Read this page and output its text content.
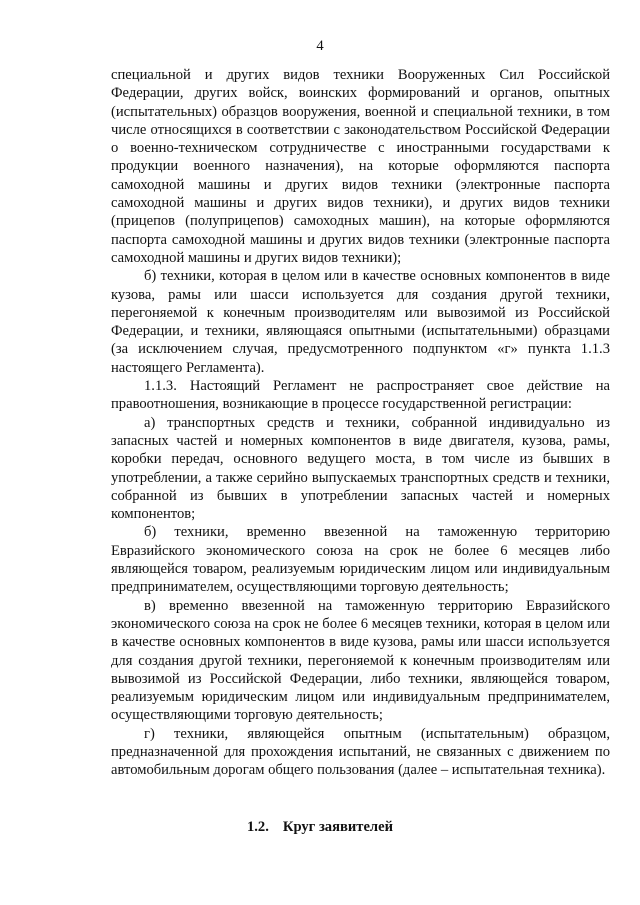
4

специальной и других видов техники Вооруженных Сил Российской Федерации, других войск, воинских формирований и органов, опытных (испытательных) образцов вооружения, военной и специальной техники, в том числе относящихся в соответствии с законодательством Российской Федерации о военно-техническом сотрудничестве с иностранными государствами к продукции военного назначения), на которые оформляются паспорта самоходной машины и других видов техники (электронные паспорта самоходной машины и других видов техники), и других видов техники (прицепов (полуприцепов) самоходных машин), на которые оформляются паспорта самоходной машины и других видов техники (электронные паспорта самоходной машины и других видов техники);

б) техники, которая в целом или в качестве основных компонентов в виде кузова, рамы или шасси используется для создания другой техники, перегоняемой к конечным производителям или вывозимой из Российской Федерации, и техники, являющаяся опытными (испытательными) образцами (за исключением случая, предусмотренного подпунктом «г» пункта 1.1.3 настоящего Регламента).

1.1.3. Настоящий Регламент не распространяет свое действие на правоотношения, возникающие в процессе государственной регистрации:

а) транспортных средств и техники, собранной индивидуально из запасных частей и номерных компонентов в виде двигателя, кузова, рамы, коробки передач, основного ведущего моста, в том числе из бывших в употреблении, а также серийно выпускаемых транспортных средств и техники, собранной из бывших в употреблении запасных частей и номерных компонентов;

б) техники, временно ввезенной на таможенную территорию Евразийского экономического союза на срок не более 6 месяцев либо являющейся товаром, реализуемым юридическим лицом или индивидуальным предпринимателем, осуществляющими торговую деятельность;

в) временно ввезенной на таможенную территорию Евразийского экономического союза на срок не более 6 месяцев техники, которая в целом или в качестве основных компонентов в виде кузова, рамы или шасси используется для создания другой техники, перегоняемой к конечным производителям или вывозимой из Российской Федерации, либо техники, являющейся товаром, реализуемым юридическим лицом или индивидуальным предпринимателем, осуществляющими торговую деятельность;

г) техники, являющейся опытным (испытательным) образцом, предназначенной для прохождения испытаний, не связанных с движением по автомобильным дорогам общего пользования (далее – испытательная техника).

1.2. Круг заявителей
